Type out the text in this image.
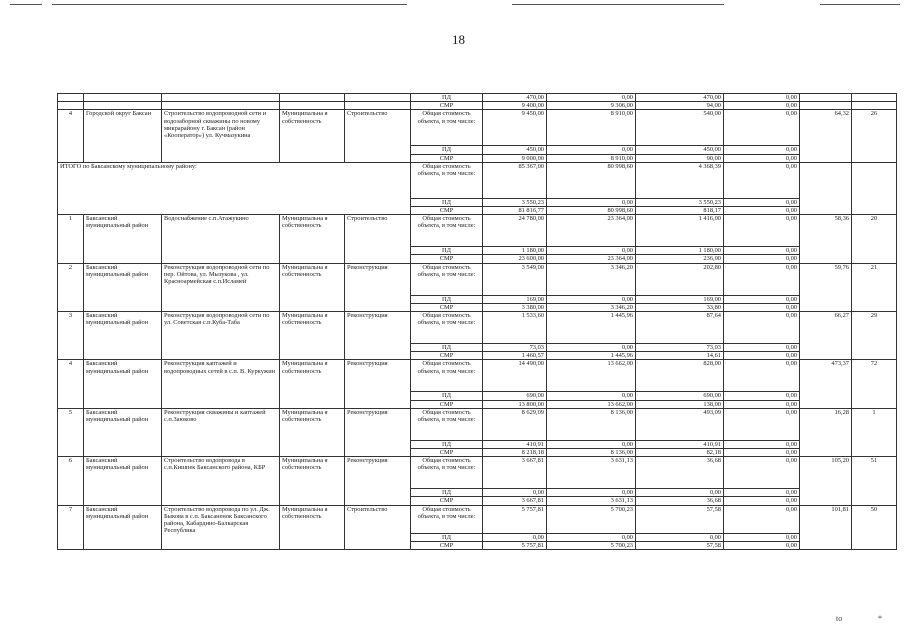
18
					ПД	470,00	0,00	470,00	0,00		
					СМР	9 400,00	9 306,00	94,00	0,00		
4	Городской округ Баксан	Строительство водопроводной сети и водозаборной скважины по новому микрарайону г. Баксан (район «Кооператор») ул. Кучмазукина	Муниципальна я собственность	Строительство	Общая стоимость объекта, в том числе:	9 450,00	8 910,00	540,00	0,00	64,32	26
					ПД	450,00	0,00	450,00	0,00		
					СМР	9 000,00	8 910,00	90,00	0,00		
ИТОГО по Баксанскому муниципальному району:					Общая стоимость объекта, в том числе:	85 367,00	80 998,60	4 368,39	0,00		
					ПД	3 550,23	0,00	3 550,23	0,00		
					СМР	81 816,77	80 998,60	818,17	0,00		
1	Баксанский муниципальный район	Водоснабжение с.п.Атажукино	Муниципальна я собственность	Строительство	Общая стоимость объекта, в том числе:	24 780,00	23 364,00	1 416,00	0,00	58,36	20
					ПД	1 180,00	0,00	1 180,00	0,00		
					СМР	23 600,00	23 364,00	236,00	0,00		
2	Баксанский муниципальный район	Реконструкция водопроводной сети по пер. Ойтова, ул. Мызукова , ул. Красноармейская с.п.Исламей	Муниципальна я собственность	Реконструкция	Общая стоимость объекта, в том числе:	3 549,00	3 346,20	202,80	0,00	59,76	21
					ПД	169,00	0,00	169,00	0,00		
					СМР	3 380,00	3 346,20	33,80	0,00		
3	Баксанский муниципальный район	Реконструкция водопроводной сети по ул. Советская с.п.Куба-Таба	Муниципальна я собственность	Реконструкция	Общая стоимость объекта, в том числе:	1 533,60	1 445,96	87,64	0,00	66,27	29
					ПД	73,03	0,00	73,03	0,00		
					СМР	1 460,57	1 445,96	14,61	0,00		
4	Баксанский муниципальный район	Реконструкция каптажей и водопроводных сетей в с.п. В. Куркужин	Муниципальна я собственность	Реконструкция	Общая стоимость объекта, в том числе:	14 490,00	13 662,00	828,00	0,00	473,37	72
					ПД	690,00	0,00	690,00	0,00		
					СМР	13 800,00	13 662,00	138,00	0,00		
5	Баксанский муниципальный район	Реконструкция скважины и каптажей с.п.Заюково	Муниципальна я собственность	Реконструкция	Общая стоимость объекта, в том числе:	8 629,09	8 136,00	493,09	0,00	16,28	1
					ПД	410,91	0,00	410,91	0,00		
					СМР	8 218,18	8 136,00	82,18	0,00		
6	Баксанский муниципальный район	Строительство водопровода в с.п.Кишпек Баксанского района, КБР	Муниципальна я собственность	Реконструкция	Общая стоимость объекта, в том числе:	3 667,81	3 631,13	36,68	0,00	105,20	51
					ПД	0,00	0,00	0,00	0,00		
					СМР	3 667,81	3 631,13	36,68	0,00		
7	Баксанский муниципальный район	Строительство водопровода по ул. Дж. Быкова в с.п. Баксаненок Баксанского района, Кабардино-Балкарская Республика	Муниципальна я собственность	Строительство	Общая стоимость объекта, в том числе:	5 757,81	5 700,23	57,58	0,00	101,81	50
					ПД	0,00	0,00	0,00	0,00		
					СМР	5 757,81	5 700,23	57,58	0,00		
to	*
